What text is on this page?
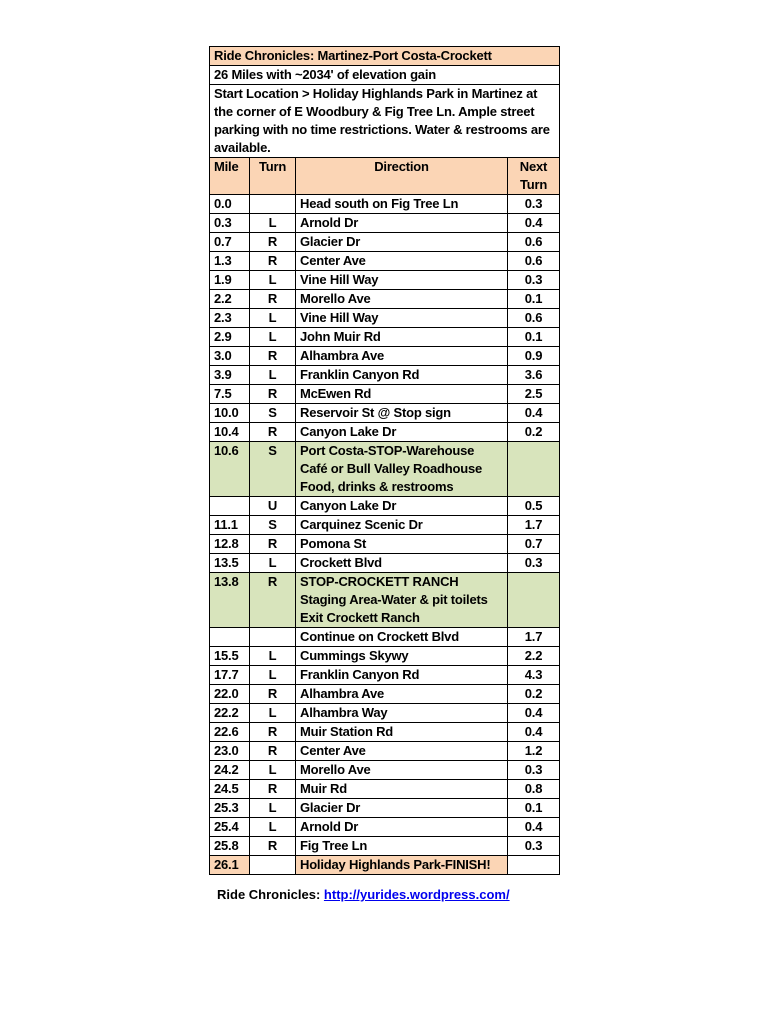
Ride Chronicles: Martinez-Port Costa-Crockett			
26 Miles with ~2034' of elevation gain			
Start Location > Holiday Highlands Park in Martinez at the corner of E Woodbury & Fig Tree Ln. Ample street parking with no time restrictions. Water & restrooms are available.			
Mile	Turn	Direction	Next Turn
0.0		Head south on Fig Tree Ln	0.3
0.3	L	Arnold Dr	0.4
0.7	R	Glacier Dr	0.6
1.3	R	Center Ave	0.6
1.9	L	Vine Hill Way	0.3
2.2	R	Morello Ave	0.1
2.3	L	Vine Hill Way	0.6
2.9	L	John Muir Rd	0.1
3.0	R	Alhambra Ave	0.9
3.9	L	Franklin Canyon Rd	3.6
7.5	R	McEwen Rd	2.5
10.0	S	Reservoir St @ Stop sign	0.4
10.4	R	Canyon Lake Dr	0.2
10.6	S	Port Costa-STOP-Warehouse
Café or Bull Valley Roadhouse
Food, drinks & restrooms	

	U	Canyon Lake Dr	0.5
11.1	S	Carquinez Scenic Dr	1.7
12.8	R	Pomona St	0.7
13.5	L	Crockett Blvd	0.3
13.8	R	STOP-CROCKETT RANCH
Staging Area-Water & pit toilets
Exit Crockett Ranch	

		Continue on Crockett Blvd	1.7
15.5	L	Cummings Skywy	2.2
17.7	L	Franklin Canyon Rd	4.3
22.0	R	Alhambra Ave	0.2
22.2	L	Alhambra Way	0.4
22.6	R	Muir Station Rd	0.4
23.0	R	Center Ave	1.2
24.2	L	Morello Ave	0.3
24.5	R	Muir Rd	0.8
25.3	L	Glacier Dr	0.1
25.4	L	Arnold Dr	0.4
25.8	R	Fig Tree Ln	0.3
26.1		Holiday Highlands Park-FINISH!	

Ride Chronicles: http://yurides.wordpress.com/
